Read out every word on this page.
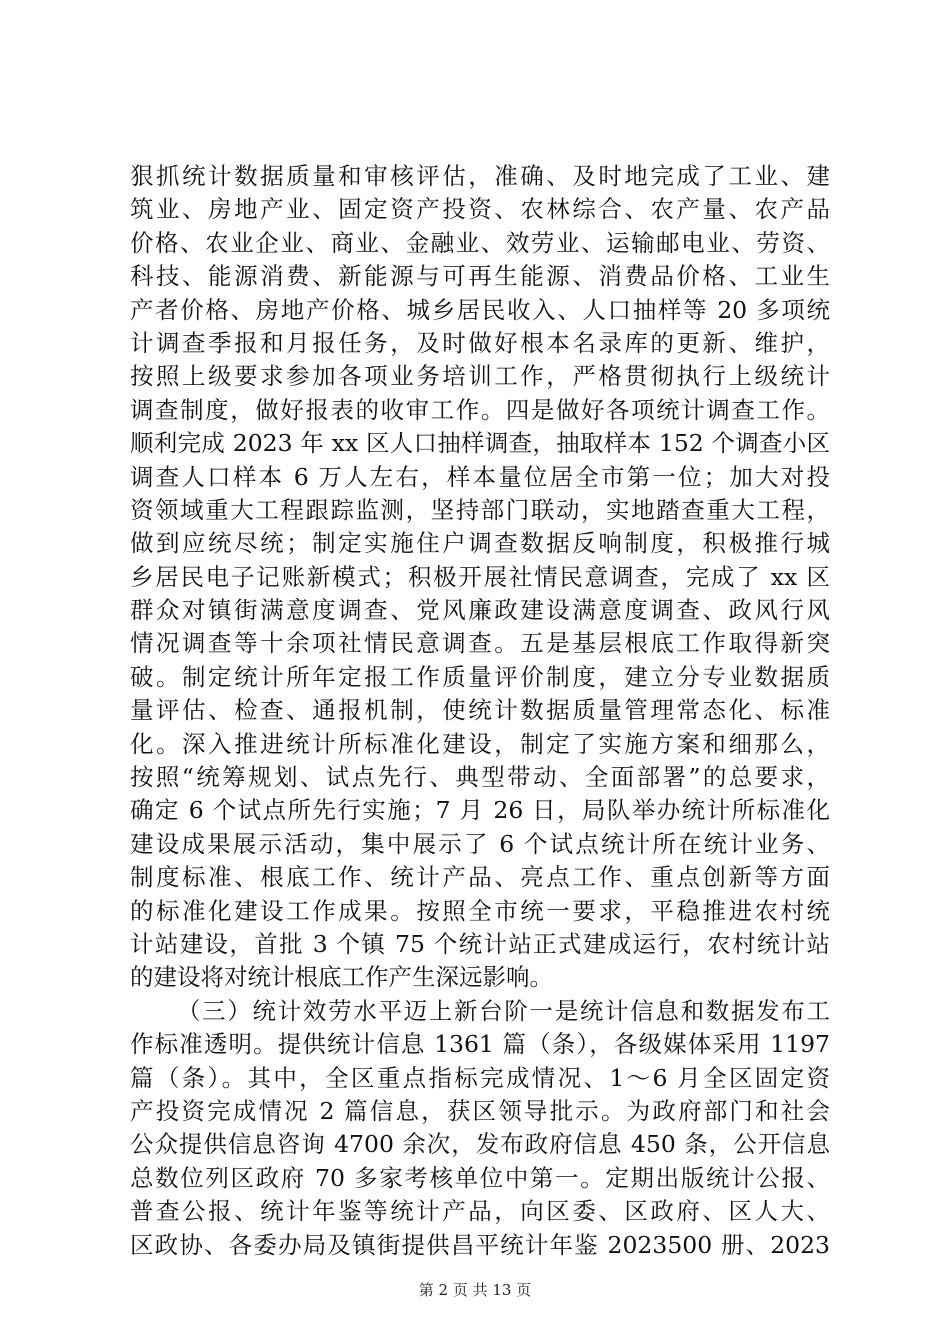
狠抓统计数据质量和审核评估，准确、及时地完成了工业、建
筑业、房地产业、固定资产投资、农林综合、农产量、农产品
价格、农业企业、商业、金融业、效劳业、运输邮电业、劳资、
科技、能源消费、新能源与可再生能源、消费品价格、工业生
产者价格、房地产价格、城乡居民收入、人口抽样等 20 多项统
计调查季报和月报任务，及时做好根本名录库的更新、维护，
按照上级要求参加各项业务培训工作，严格贯彻执行上级统计
调查制度，做好报表的收审工作。四是做好各项统计调查工作。
顺利完成 2023 年 xx 区人口抽样调查，抽取样本 152 个调查小区
调查人口样本 6 万人左右，样本量位居全市第一位；加大对投
资领域重大工程跟踪监测，坚持部门联动，实地踏查重大工程，
做到应统尽统；制定实施住户调查数据反响制度，积极推行城
乡居民电子记账新模式；积极开展社情民意调查，完成了 xx 区
群众对镇街满意度调查、党风廉政建设满意度调查、政风行风
情况调查等十余项社情民意调查。五是基层根底工作取得新突
破。制定统计所年定报工作质量评价制度，建立分专业数据质
量评估、检查、通报机制，使统计数据质量管理常态化、标准
化。深入推进统计所标准化建设，制定了实施方案和细那么，
按照“统筹规划、试点先行、典型带动、全面部署”的总要求，
确定 6 个试点所先行实施；7 月 26 日，局队举办统计所标准化
建设成果展示活动，集中展示了 6 个试点统计所在统计业务、
制度标准、根底工作、统计产品、亮点工作、重点创新等方面
的标准化建设工作成果。按照全市统一要求，平稳推进农村统
计站建设，首批 3 个镇 75 个统计站正式建成运行，农村统计站
的建设将对统计根底工作产生深远影响。
（三）统计效劳水平迈上新台阶一是统计信息和数据发布工
作标准透明。提供统计信息 1361 篇（条），各级媒体采用 1197
篇（条）。其中，全区重点指标完成情况、1～6 月全区固定资
产投资完成情况 2 篇信息，获区领导批示。为政府部门和社会
公众提供信息咨询 4700 余次，发布政府信息 450 条，公开信息
总数位列区政府 70 多家考核单位中第一。定期出版统计公报、
普查公报、统计年鉴等统计产品，向区委、区政府、区人大、
区政协、各委办局及镇街提供昌平统计年鉴 2023500 册、2023
第 2 页 共 13 页
